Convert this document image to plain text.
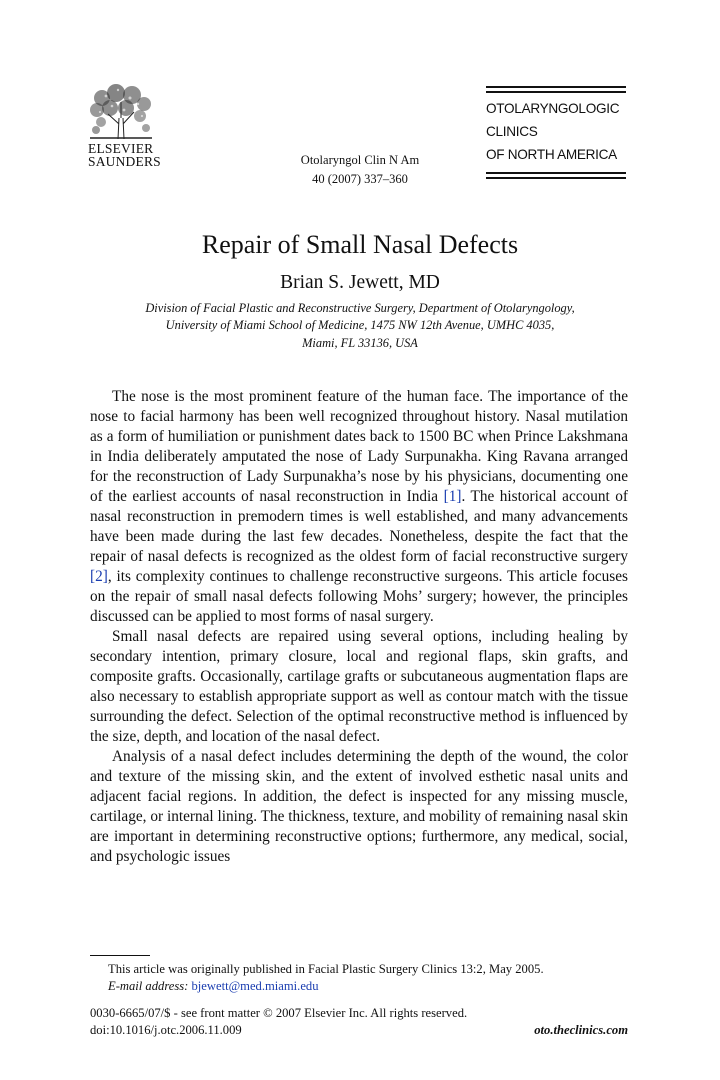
ELSEVIER
SAUNDERS	Otolaryngol Clin N Am
40 (2007) 337–360
OTOLARYNGOLOGIC
CLINICS
OF NORTH AMERICA
Repair of Small Nasal Defects
Brian S. Jewett, MD
Division of Facial Plastic and Reconstructive Surgery, Department of Otolaryngology,
University of Miami School of Medicine, 1475 NW 12th Avenue, UMHC 4035,
Miami, FL 33136, USA

The nose is the most prominent feature of the human face. The importance of the nose to facial harmony has been well recognized throughout history. Nasal mutilation as a form of humiliation or punishment dates back to 1500 BC when Prince Lakshmana in India deliberately amputated the nose of Lady Surpunakha. King Ravana arranged for the reconstruction of Lady Surpunakha’s nose by his physicians, documenting one of the earliest accounts of nasal reconstruction in India [1]. The historical account of nasal reconstruction in premodern times is well established, and many advancements have been made during the last few decades. Nonetheless, despite the fact that the repair of nasal defects is recognized as the oldest form of facial reconstructive surgery [2], its complexity continues to challenge reconstructive surgeons. This article focuses on the repair of small nasal defects following Mohs’ surgery; however, the principles discussed can be applied to most forms of nasal surgery.

Small nasal defects are repaired using several options, including healing by secondary intention, primary closure, local and regional flaps, skin grafts, and composite grafts. Occasionally, cartilage grafts or subcutaneous augmentation flaps are also necessary to establish appropriate support as well as contour match with the tissue surrounding the defect. Selection of the optimal reconstructive method is influenced by the size, depth, and location of the nasal defect.

Analysis of a nasal defect includes determining the depth of the wound, the color and texture of the missing skin, and the extent of involved esthetic nasal units and adjacent facial regions. In addition, the defect is inspected for any missing muscle, cartilage, or internal lining. The thickness, texture, and mobility of remaining nasal skin are important in determining reconstructive options; furthermore, any medical, social, and psychologic issues

This article was originally published in Facial Plastic Surgery Clinics 13:2, May 2005.
E-mail address: bjewett@med.miami.edu
0030-6665/07/$ - see front matter © 2007 Elsevier Inc. All rights reserved.
doi:10.1016/j.otc.2006.11.009	oto.theclinics.com
